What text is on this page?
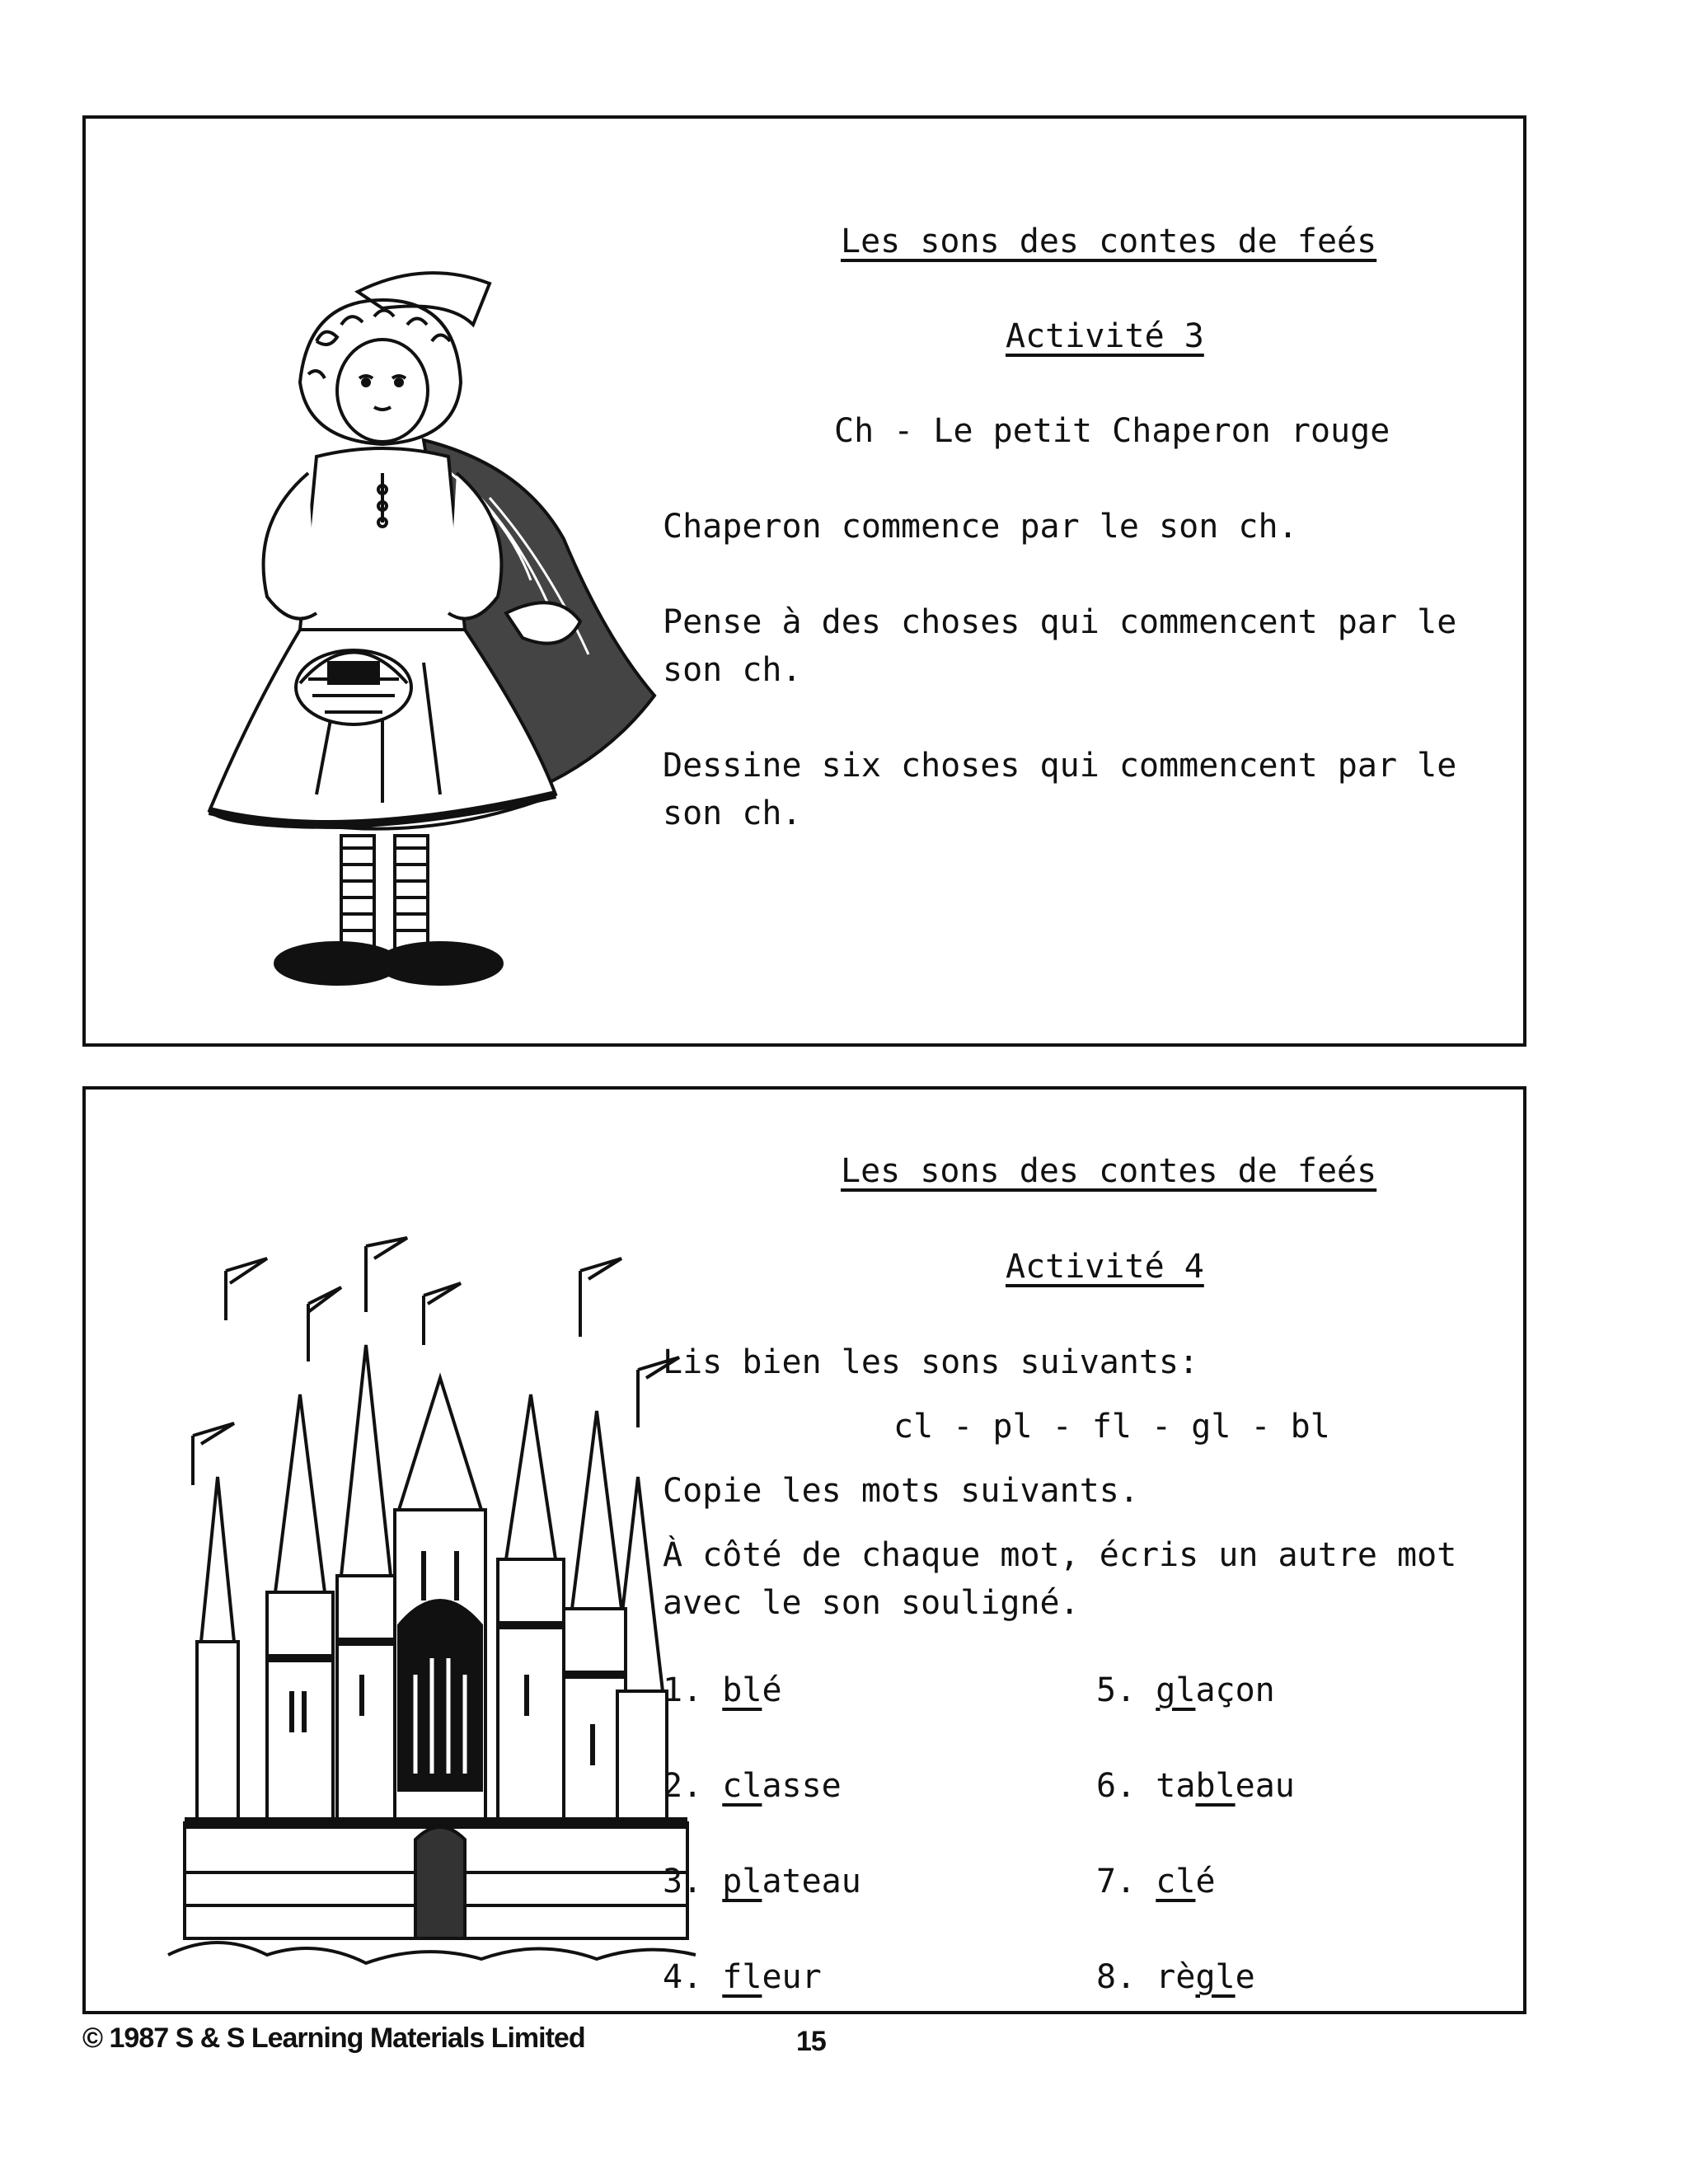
Les sons des contes de feés
Activité 3
Ch - Le petit Chaperon rouge
Chaperon commence par le son ch.
Pense à des choses qui commencent par le son ch.
Dessine six choses qui commencent par le son ch.
Les sons des contes de feés
Activité 4
Lis bien les sons suivants:
cl - pl - fl - gl - bl
Copie les mots suivants.
À côté de chaque mot, écris un autre mot avec le son souligné.
1. blé
2. classe
3. plateau
4. fleur
5. glaçon
6. tableau
7. clé
8. règle
© 1987 S & S Learning Materials Limited	15
